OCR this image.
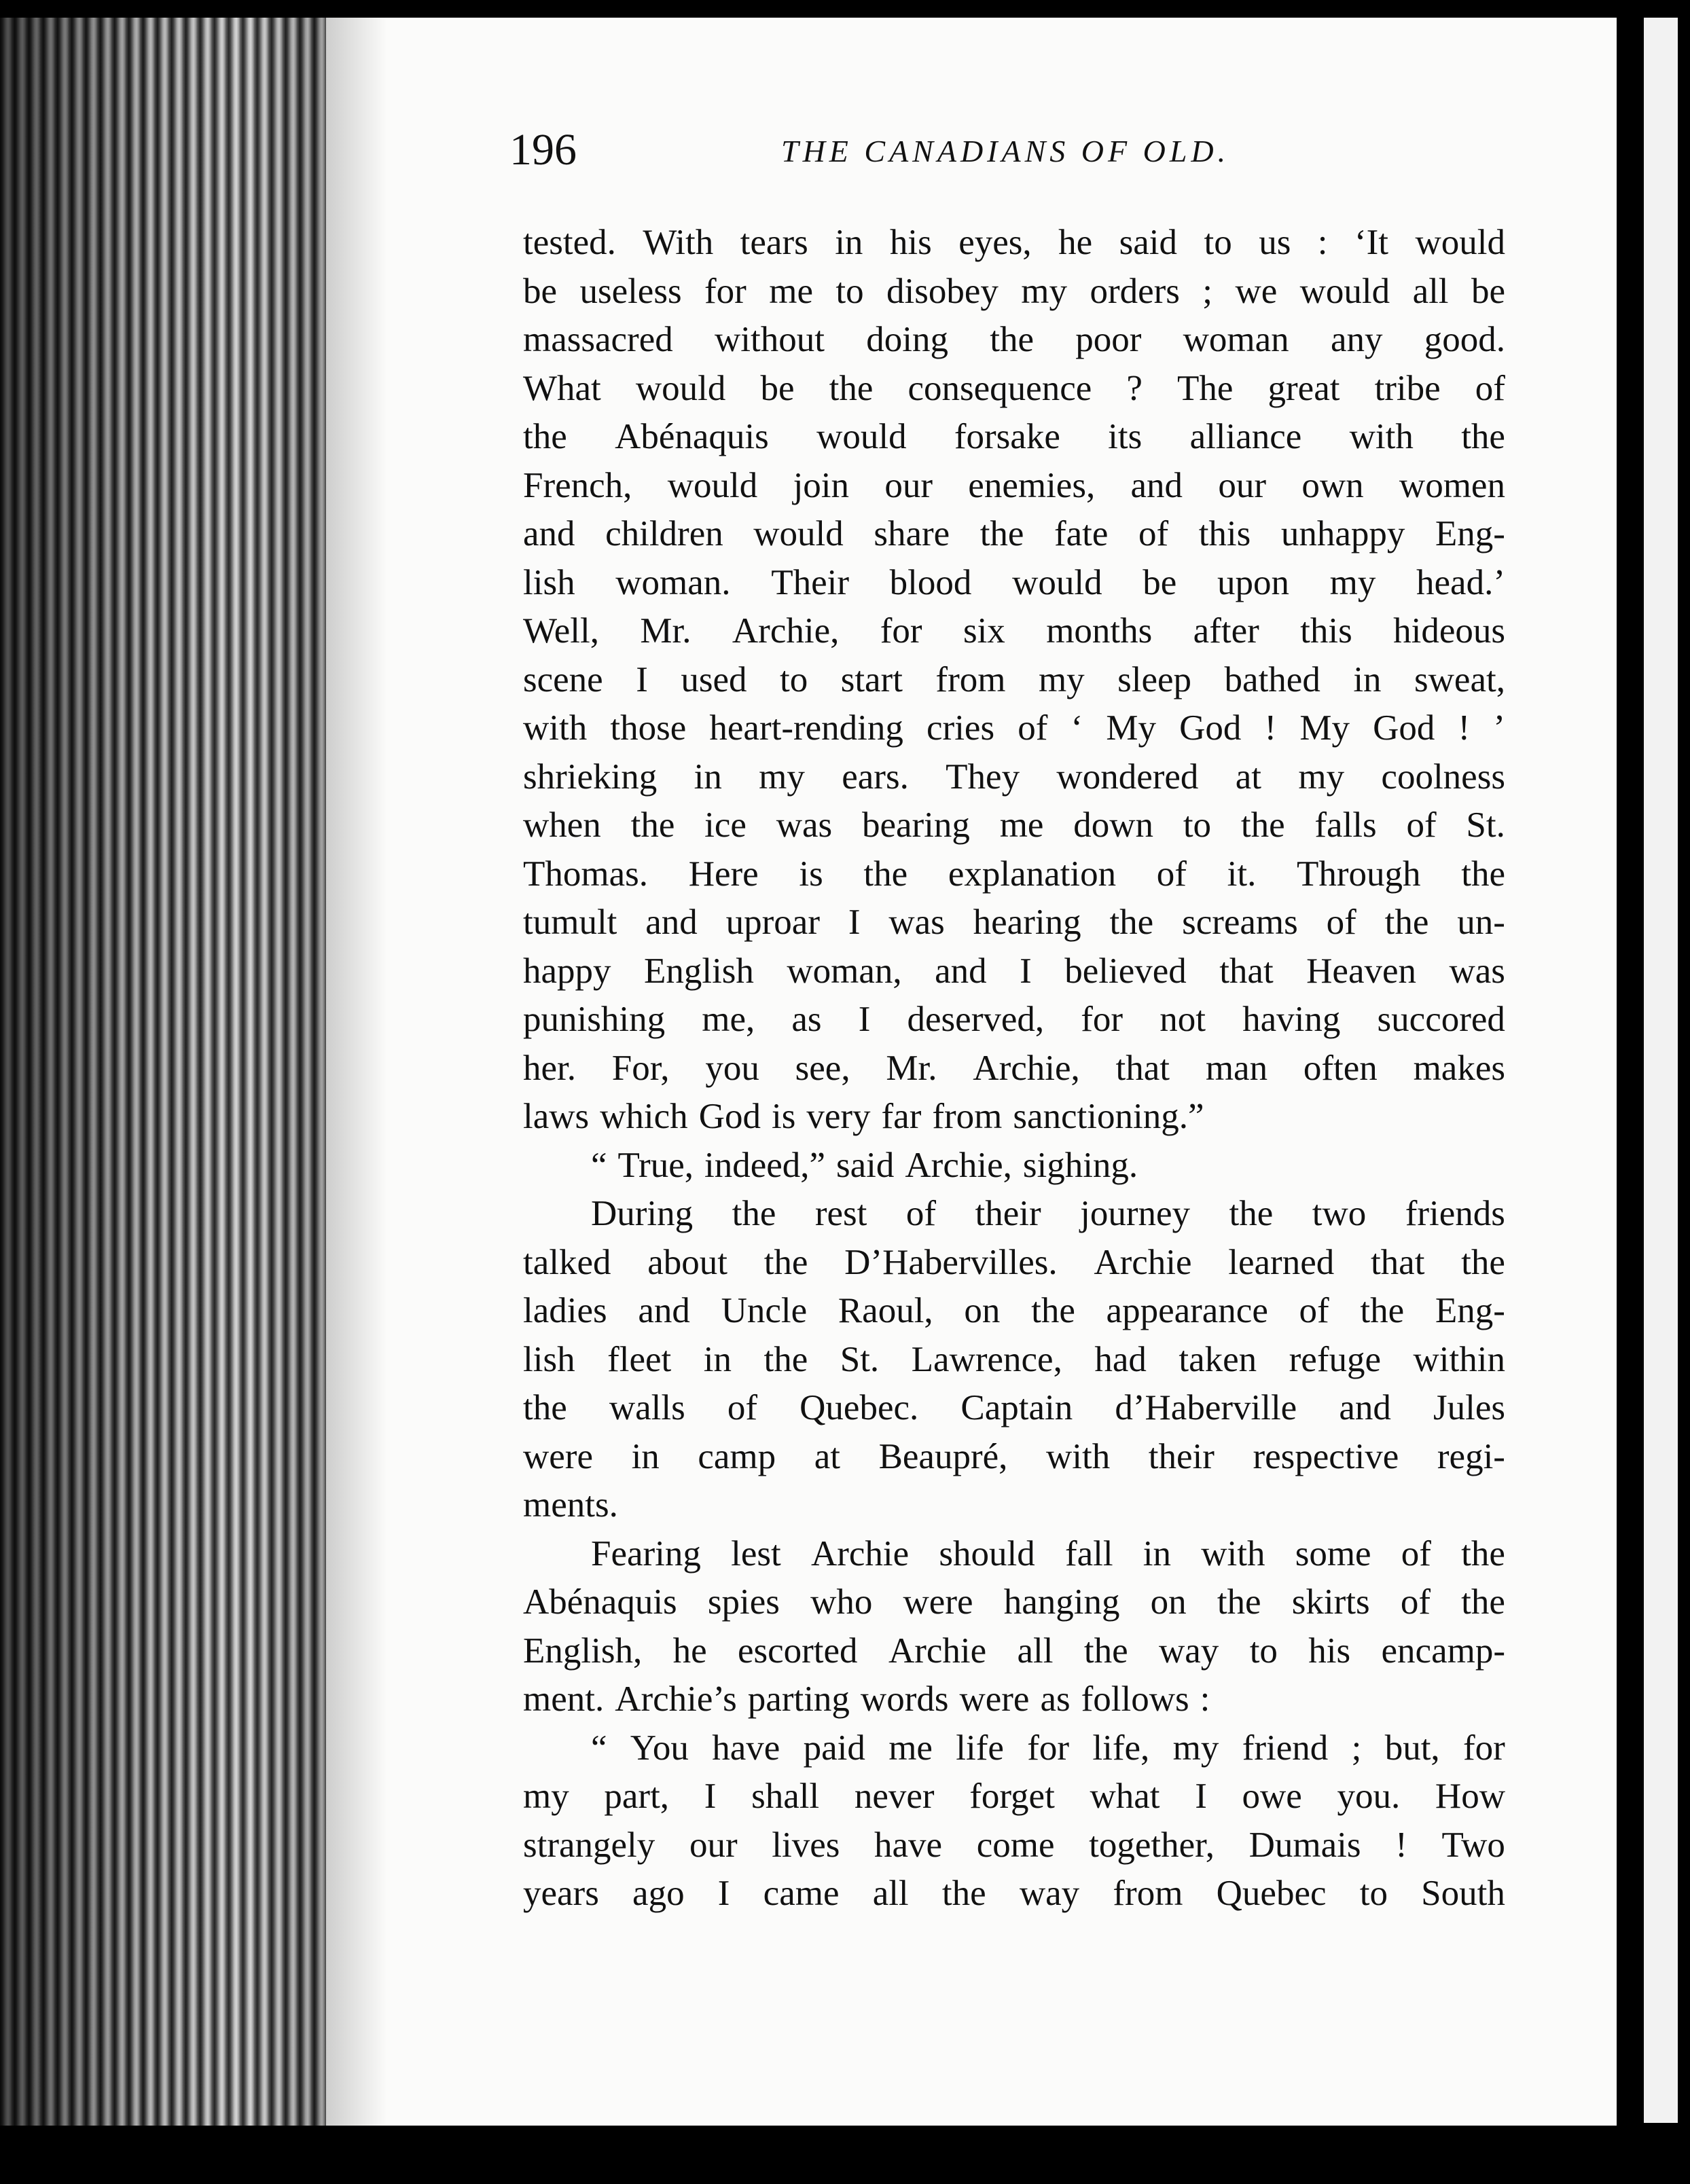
196	THE CANADIANS OF OLD.
tested. With tears in his eyes, he said to us : ‘It would
be useless for me to disobey my orders ; we would all be
massacred without doing the poor woman any good.
What would be the consequence ? The great tribe of
the Abénaquis would forsake its alliance with the
French, would join our enemies, and our own women
and children would share the fate of this unhappy Eng-
lish woman. Their blood would be upon my head.’
Well, Mr. Archie, for six months after this hideous
scene I used to start from my sleep bathed in sweat,
with those heart-rending cries of ‘ My God ! My God ! ’
shrieking in my ears. They wondered at my coolness
when the ice was bearing me down to the falls of St.
Thomas. Here is the explanation of it. Through the
tumult and uproar I was hearing the screams of the un-
happy English woman, and I believed that Heaven was
punishing me, as I deserved, for not having succored
her. For, you see, Mr. Archie, that man often makes
laws which God is very far from sanctioning.”
“ True, indeed,” said Archie, sighing.
During the rest of their journey the two friends
talked about the D’Habervilles. Archie learned that the
ladies and Uncle Raoul, on the appearance of the Eng-
lish fleet in the St. Lawrence, had taken refuge within
the walls of Quebec. Captain d’Haberville and Jules
were in camp at Beaupré, with their respective regi-
ments.
Fearing lest Archie should fall in with some of the
Abénaquis spies who were hanging on the skirts of the
English, he escorted Archie all the way to his encamp-
ment. Archie’s parting words were as follows :
“ You have paid me life for life, my friend ; but, for
my part, I shall never forget what I owe you. How
strangely our lives have come together, Dumais ! Two
years ago I came all the way from Quebec to South
